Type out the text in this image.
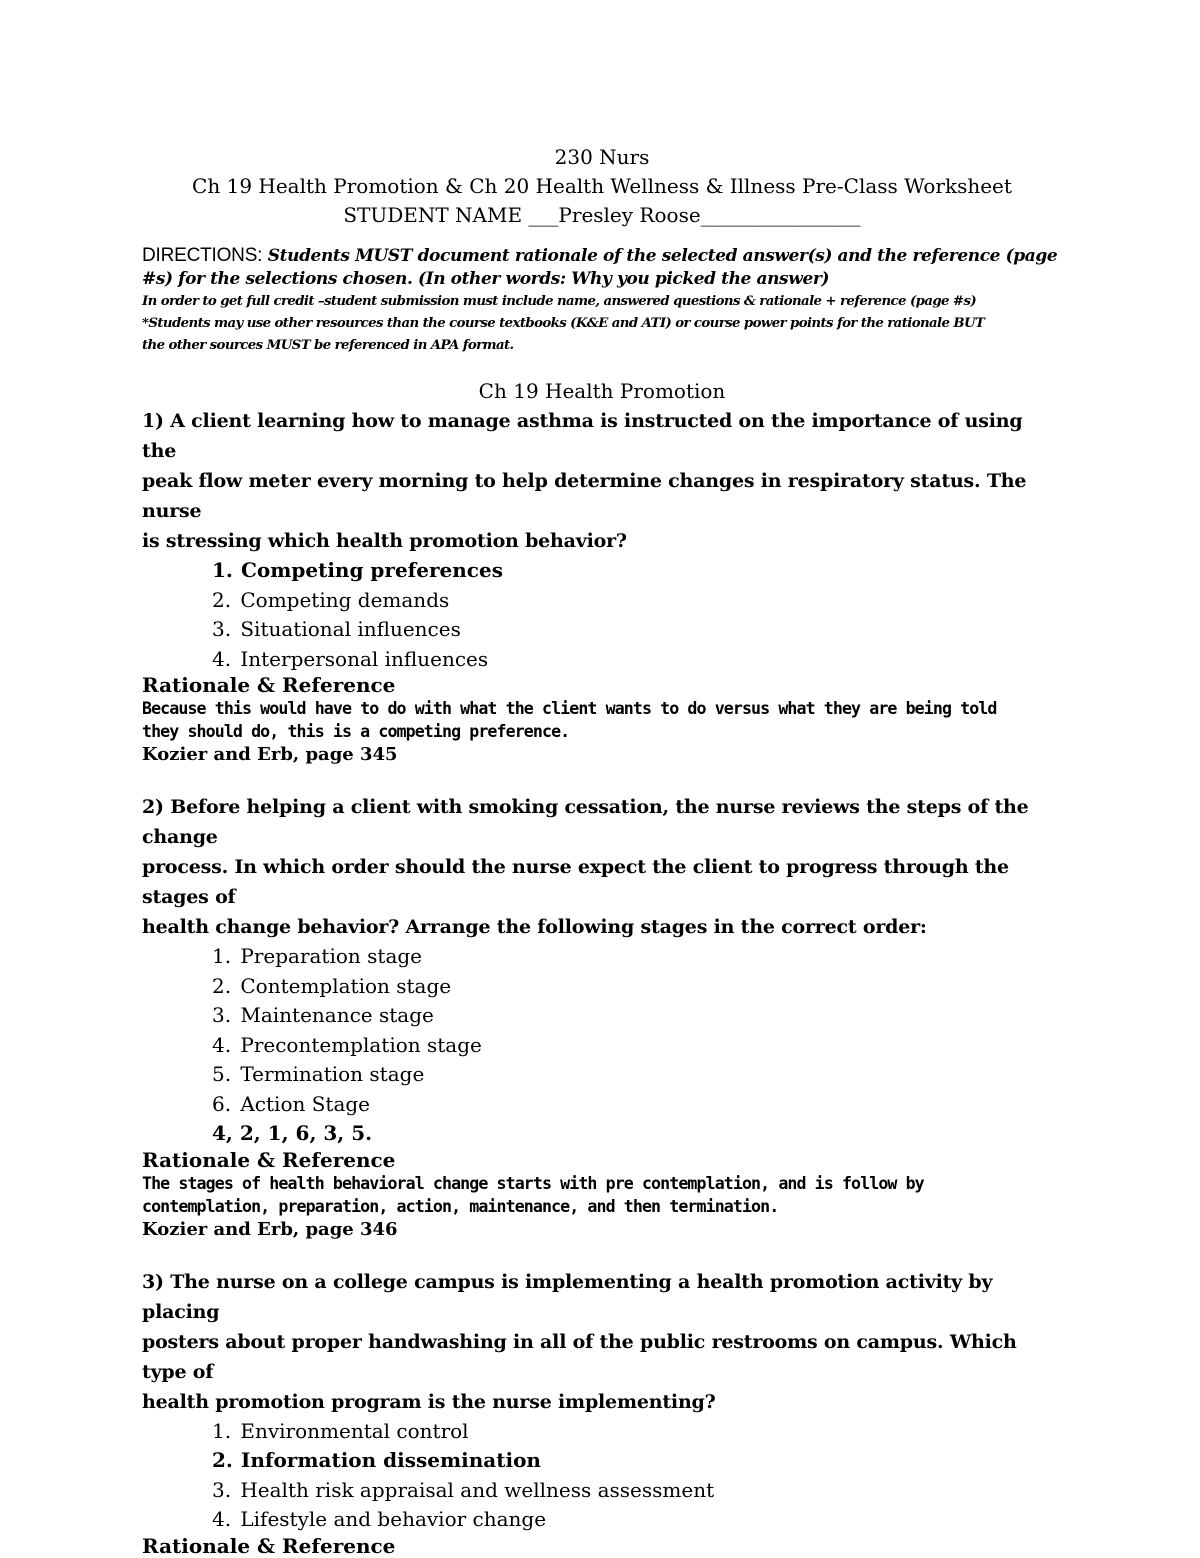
230 Nurs
Ch 19 Health Promotion & Ch 20 Health Wellness & Illness Pre-Class Worksheet
STUDENT NAME ___Presley Roose________________
DIRECTIONS: Students MUST document rationale of the selected answer(s) and the reference (page #s) for the selections chosen. (In other words: Why you picked the answer)
In order to get full credit –student submission must include name, answered questions & rationale + reference (page #s)
*Students may use other resources than the course textbooks (K&E and ATI) or course power points for the rationale BUT
the other sources MUST be referenced in APA format.
Ch 19 Health Promotion
1) A client learning how to manage asthma is instructed on the importance of using the
peak flow meter every morning to help determine changes in respiratory status. The nurse
is stressing which health promotion behavior?
1. Competing preferences
2. Competing demands
3. Situational influences
4. Interpersonal influences
Rationale & Reference
Because this would have to do with what the client wants to do versus what they are being told
they should do, this is a competing preference.
Kozier and Erb, page 345
2) Before helping a client with smoking cessation, the nurse reviews the steps of the change
process. In which order should the nurse expect the client to progress through the stages of
health change behavior? Arrange the following stages in the correct order:
1. Preparation stage
2. Contemplation stage
3. Maintenance stage
4. Precontemplation stage
5. Termination stage
6. Action Stage
4, 2, 1, 6, 3, 5.
Rationale & Reference
The stages of health behavioral change starts with pre contemplation, and is follow by
contemplation, preparation, action, maintenance, and then termination.
Kozier and Erb, page 346
3) The nurse on a college campus is implementing a health promotion activity by placing
posters about proper handwashing in all of the public restrooms on campus. Which type of
health promotion program is the nurse implementing?
1. Environmental control
2. Information dissemination
3. Health risk appraisal and wellness assessment
4. Lifestyle and behavior change
Rationale & Reference
